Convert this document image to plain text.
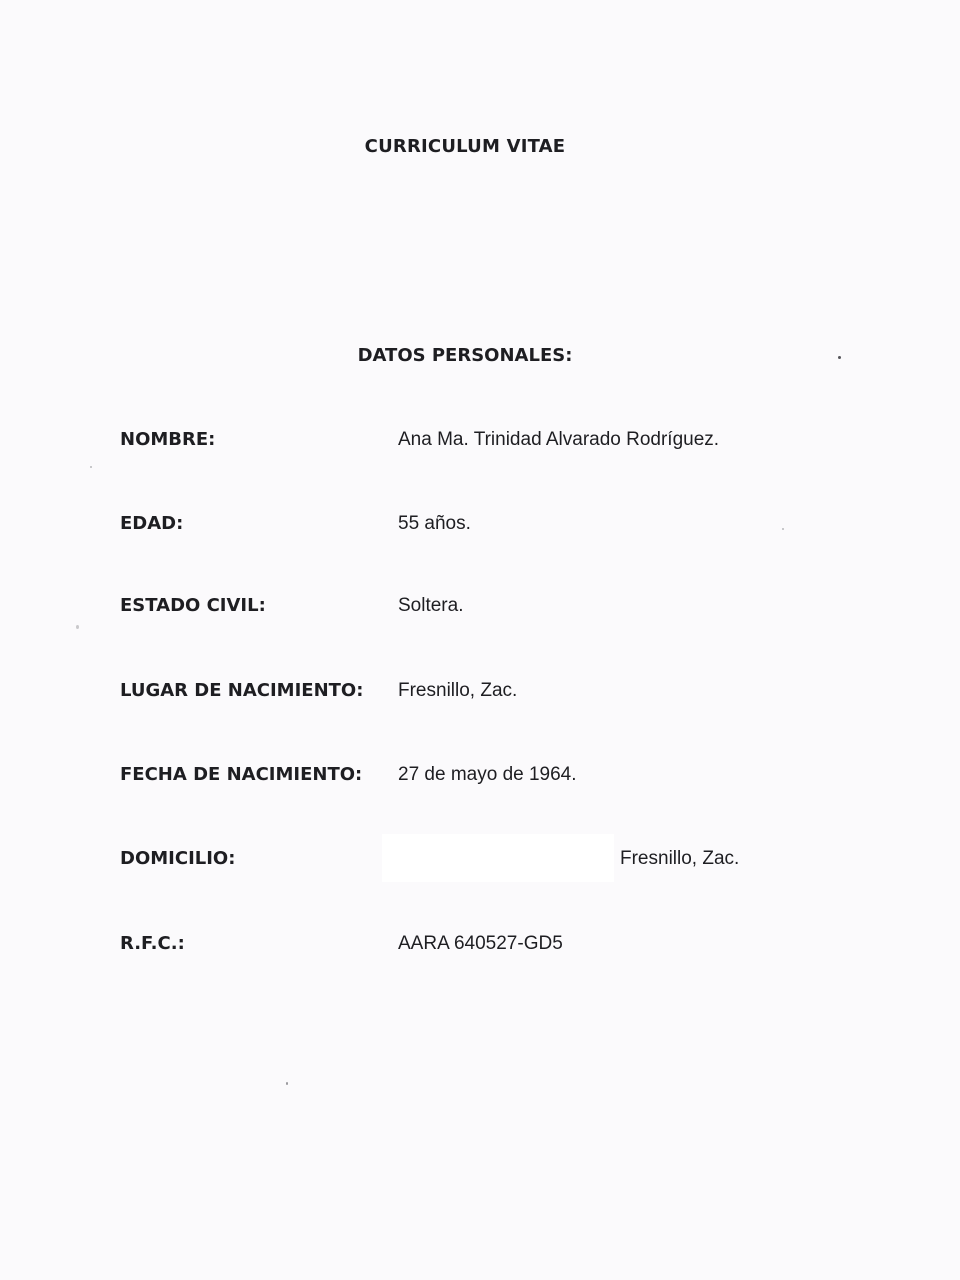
CURRICULUM VITAE
DATOS PERSONALES:
NOMBRE:	Ana Ma. Trinidad Alvarado Rodríguez.
EDAD:	55 años.
ESTADO CIVIL:	Soltera.
LUGAR DE NACIMIENTO: Fresnillo, Zac.
FECHA DE NACIMIENTO: 27 de mayo de 1964.
DOMICILIO:	Fresnillo, Zac.
R.F.C.:	AARA 640527-GD5
